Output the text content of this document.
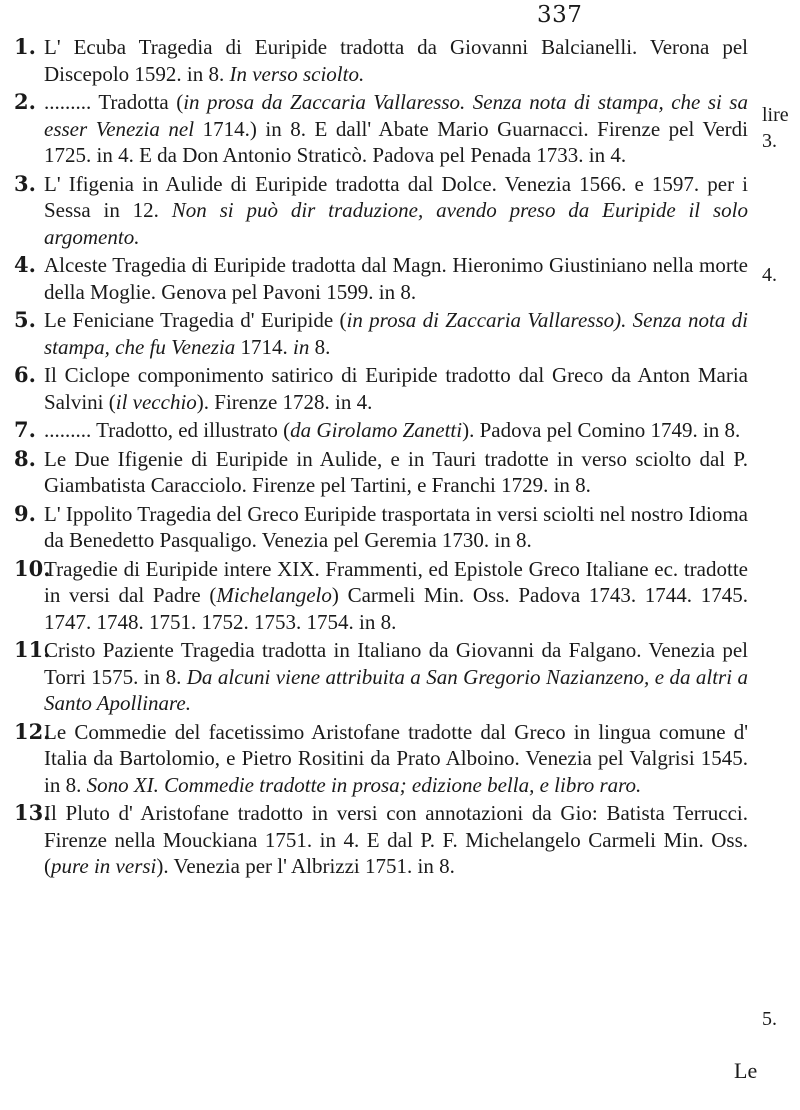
337
1. L' Ecuba Tragedia di Euripide tradotta da Giovanni Balcianelli. Verona pel Discepolo 1592. in 8. In verso sciolto.
2. ......... Tradotta (in prosa da Zaccaria Vallaresso. Senza nota di stampa, che si sa esser Venezia nel 1714.) in 8. E dall' Abate Mario Guarnacci. Firenze pel Verdi 1725. in 4. E da Don Antonio Straticò. Padova pel Penada 1733. in 4.
3. L' Ifigenia in Aulide di Euripide tradotta dal Dolce. Venezia 1566. e 1597. per i Sessa in 12. Non si può dir traduzione, avendo preso da Euripide il solo argomento.
4. Alceste Tragedia di Euripide tradotta dal Magn. Hieronimo Giustiniano nella morte della Moglie. Genova pel Pavoni 1599. in 8.
5. Le Feniciane Tragedia d' Euripide (in prosa di Zaccaria Vallaresso). Senza nota di stampa, che fu Venezia 1714. in 8.
6. Il Ciclope componimento satirico di Euripide tradotto dal Greco da Anton Maria Salvini (il vecchio). Firenze 1728. in 4.
7. ......... Tradotto, ed illustrato (da Girolamo Zanetti). Padova pel Comino 1749. in 8.
8. Le Due Ifigenie di Euripide in Aulide, e in Tauri tradotte in verso sciolto dal P. Giambatista Caracciolo. Firenze pel Tartini, e Franchi 1729. in 8.
9. L' Ippolito Tragedia del Greco Euripide trasportata in versi sciolti nel nostro Idioma da Benedetto Pasqualigo. Venezia pel Geremia 1730. in 8.
10.
Tragedie di Euripide intere XIX. Frammenti, ed Epistole Greco Italiane ec. tradotte in versi dal Padre (Michelangelo) Carmeli Min. Oss. Padova 1743. 1744. 1745. 1747. 1748. 1751. 1752. 1753. 1754. in 8.
11.
Cristo Paziente Tragedia tradotta in Italiano da Giovanni da Falgano. Venezia pel Torri 1575. in 8. Da alcuni viene attribuita a San Gregorio Nazianzeno, e da altri a Santo Apollinare.
12.
Le Commedie del facetissimo Aristofane tradotte dal Greco in lingua comune d' Italia da Bartolomio, e Pietro Rositini da Prato Alboino. Venezia pel Valgrisi 1545. in 8. Sono XI. Commedie tradotte in prosa; edizione bella, e libro raro.
13.
Il Pluto d' Aristofane tradotto in versi con annotazioni da Gio: Batista Terrucci. Firenze nella Mouckiana 1751. in 4. E dal P. F. Michelangelo Carmeli Min. Oss. (pure in versi). Venezia per l' Albrizzi 1751. in 8.
lire
3.
4.
5.
Le
